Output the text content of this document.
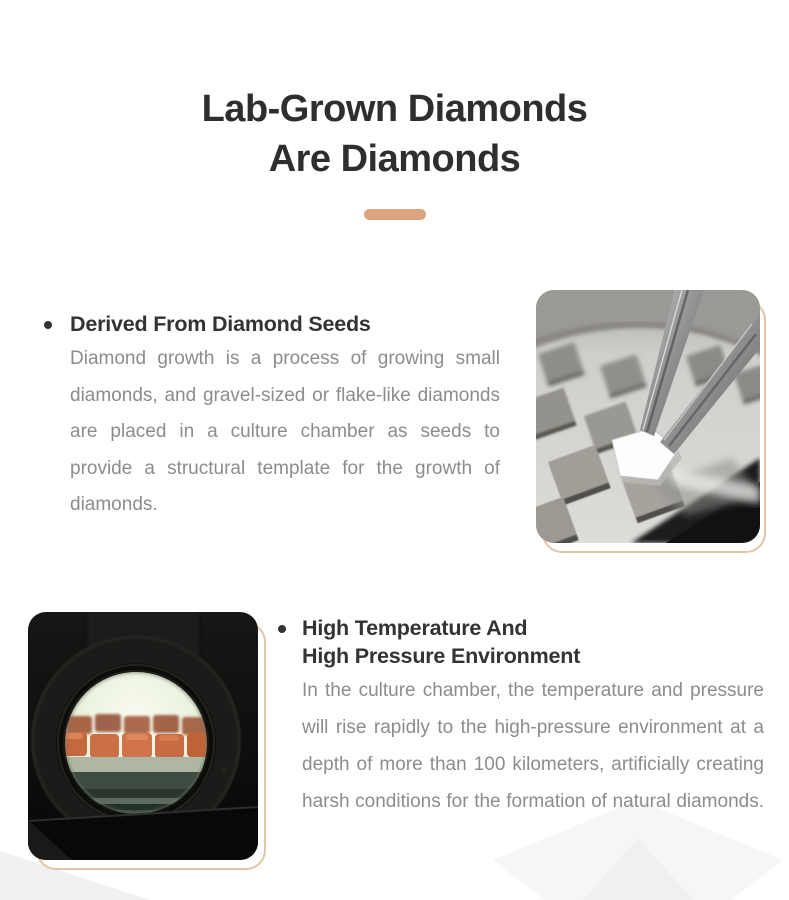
Lab-Grown Diamonds
Are Diamonds
Derived From Diamond Seeds

Diamond growth is a process of growing small diamonds, and gravel-sized or flake-like diamonds are placed in a culture chamber as seeds to provide a structural template for the growth of diamonds.

High Temperature And
High Pressure Environment

In the culture chamber, the temperature and pressure will rise rapidly to the high-pressure environment at a depth of more than 100 kilometers, artificially creating harsh conditions for the formation of natural diamonds.
